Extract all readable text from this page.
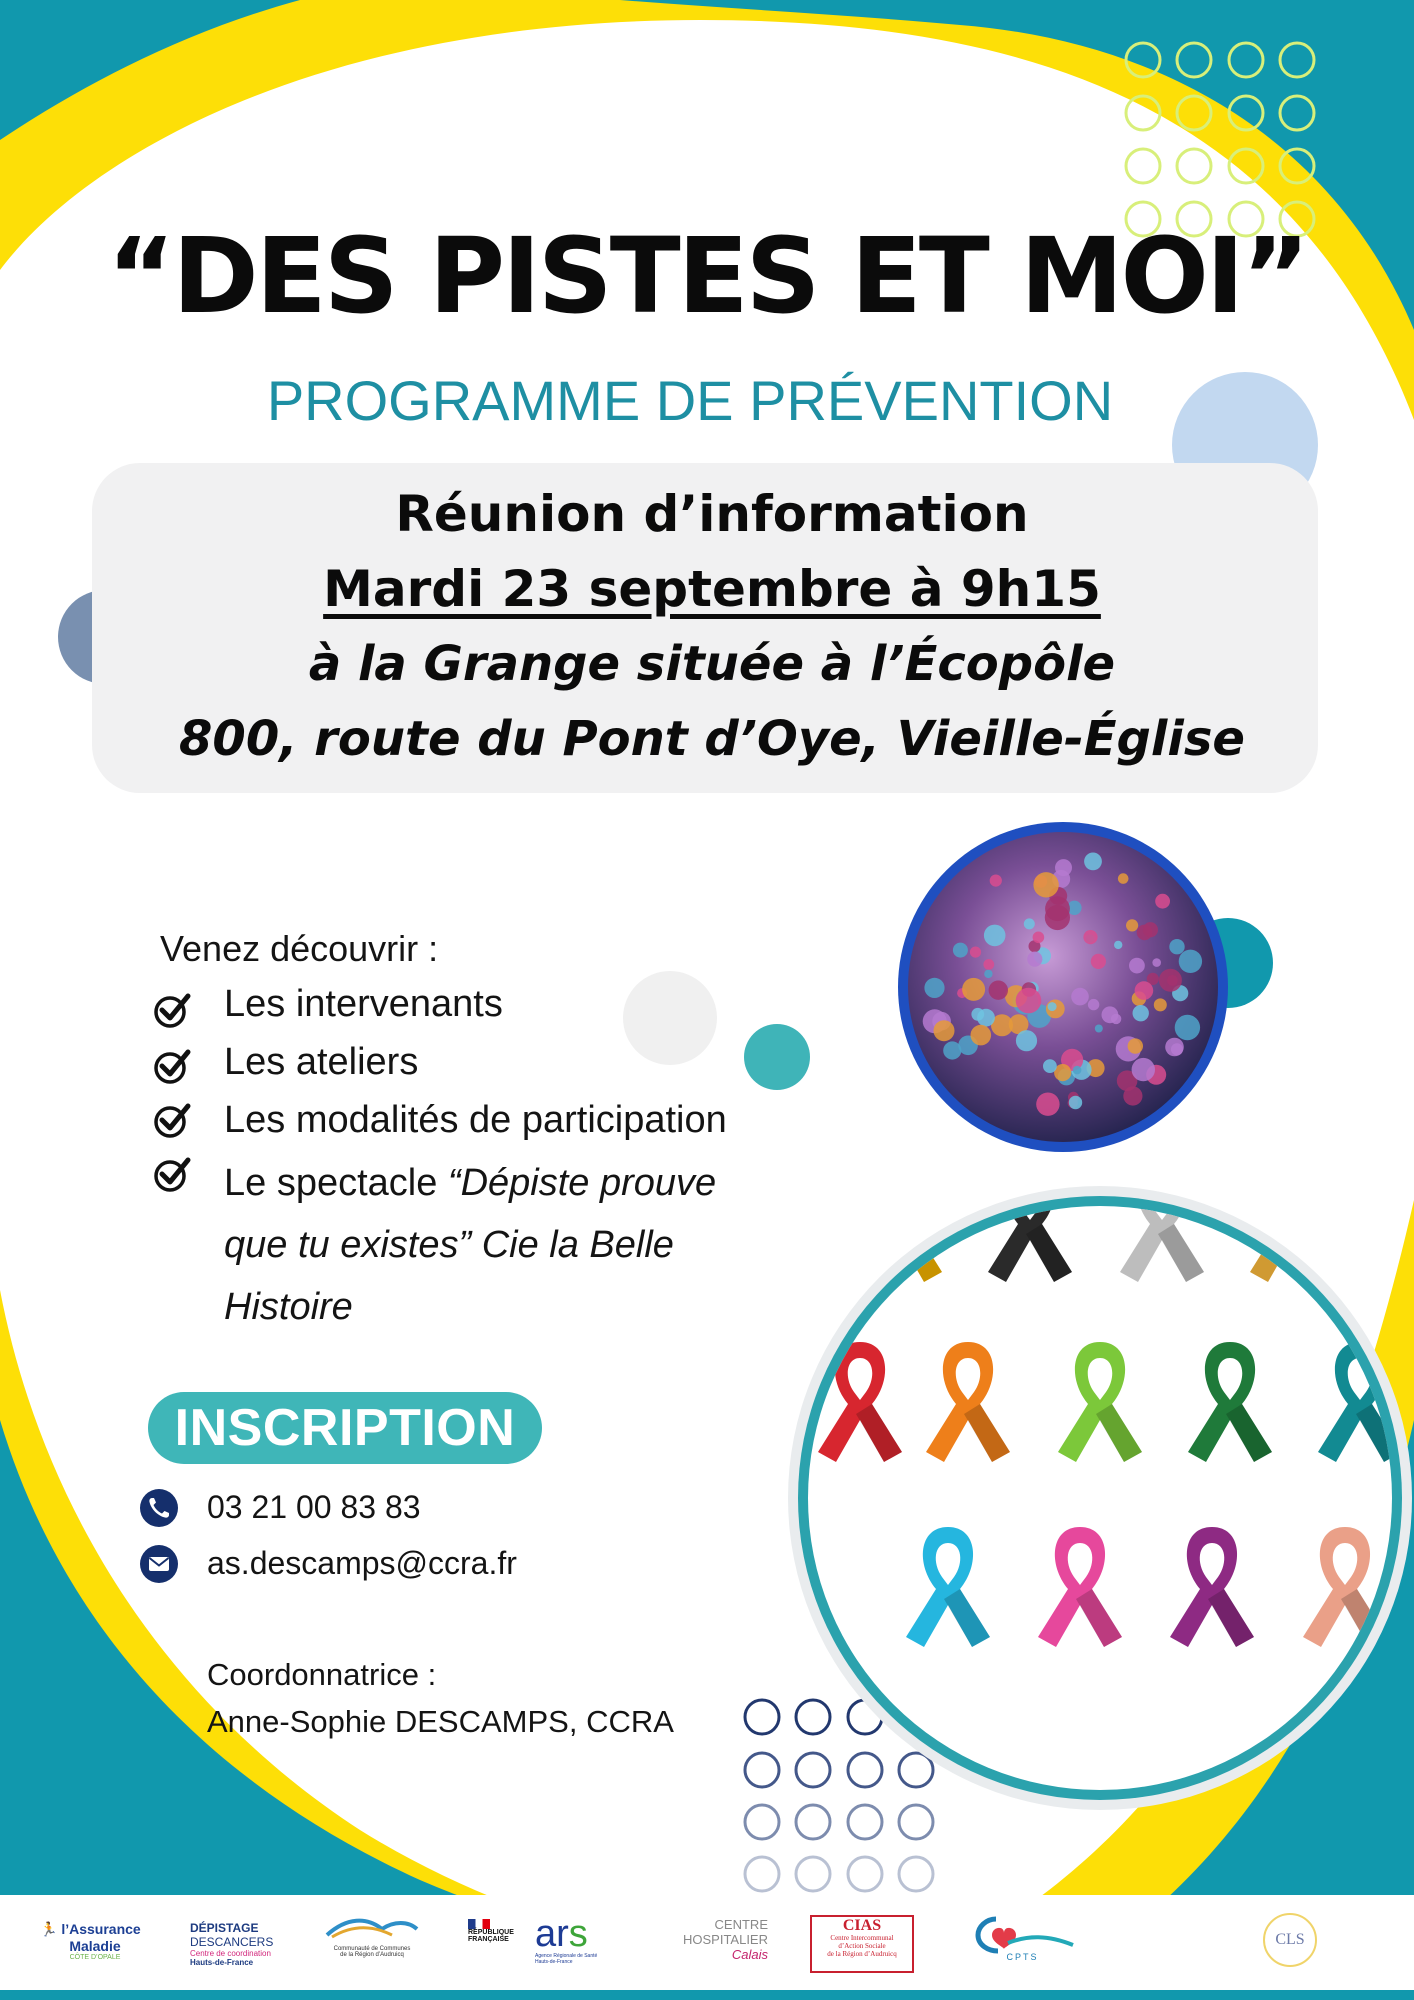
“DES PISTES ET MOI”
PROGRAMME DE PRÉVENTION
Réunion d’information
Mardi 23 septembre à 9h15
à la Grange située à l’Écopôle
800, route du Pont d’Oye, Vieille-Église
Venez découvrir :
Les intervenants
Les ateliers
Les modalités de participation
Le spectacle “Dépiste prouve
que tu existes” Cie la Belle
Histoire
INSCRIPTION
03 21 00 83 83
as.descamps@ccra.fr
Coordonnatrice :
Anne-Sophie DESCAMPS, CCRA
🏃 l’Assurance
Maladie
CÔTE D’OPALE
DÉPISTAGE
DESCANCERS
Centre de coordination
Hauts-de-France
Communauté de Communes
de la Région d’Audruicq
RÉPUBLIQUE
FRANÇAISE ars
Agence Régionale de Santé
Hauts-de-France
CENTRE
HOSPITALIER
Calais
CIAS
Centre Intercommunal
d’Action Sociale
de la Région d’Audruicq	CPTS
CLS
